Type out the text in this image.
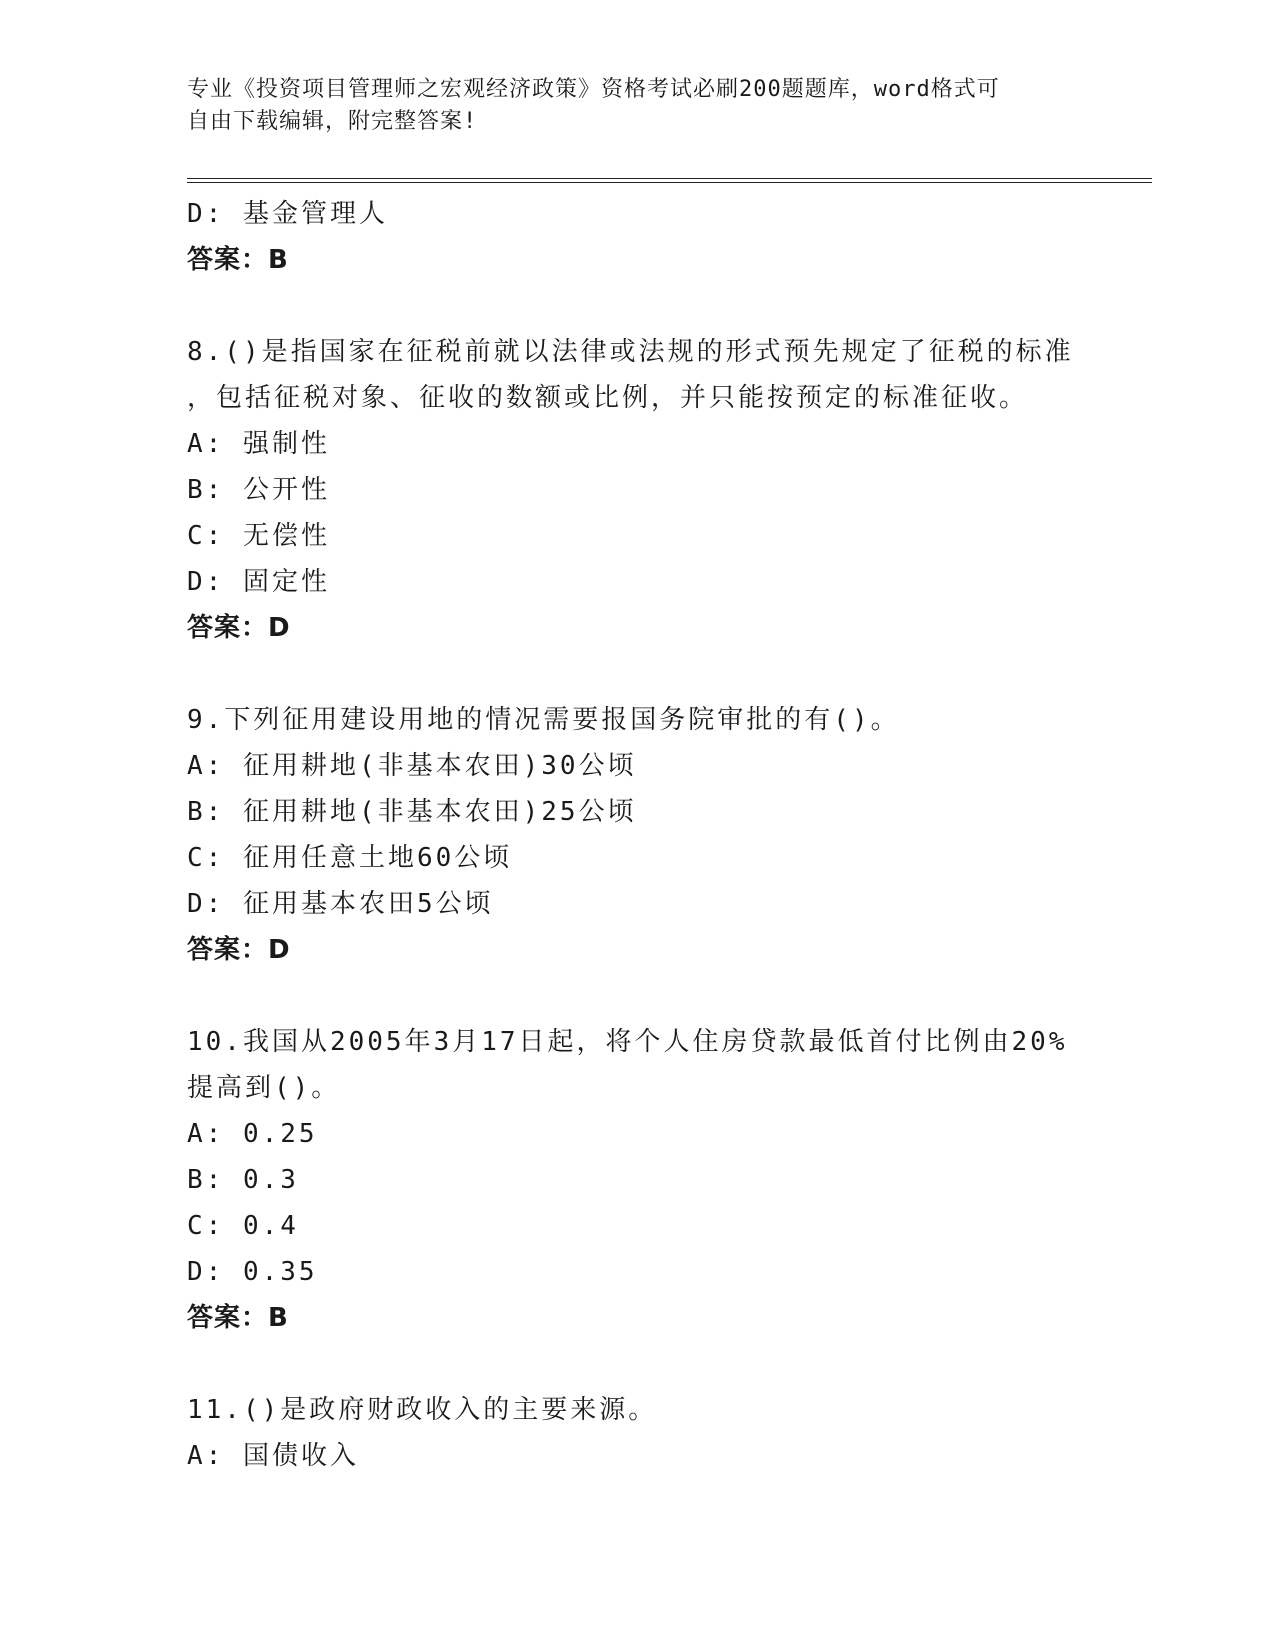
专业《投资项目管理师之宏观经济政策》资格考试必刷200题题库，word格式可
自由下载编辑，附完整答案!
D: 基金管理人
答案：B
8.()是指国家在征税前就以法律或法规的形式预先规定了征税的标准
，包括征税对象、征收的数额或比例，并只能按预定的标准征收。
A: 强制性
B: 公开性
C: 无偿性
D: 固定性
答案：D
9.下列征用建设用地的情况需要报国务院审批的有()。
A: 征用耕地(非基本农田)30公顷
B: 征用耕地(非基本农田)25公顷
C: 征用任意土地60公顷
D: 征用基本农田5公顷
答案：D
10.我国从2005年3月17日起，将个人住房贷款最低首付比例由20%
提高到()。
A: 0.25
B: 0.3
C: 0.4
D: 0.35
答案：B
11.()是政府财政收入的主要来源。
A: 国债收入
